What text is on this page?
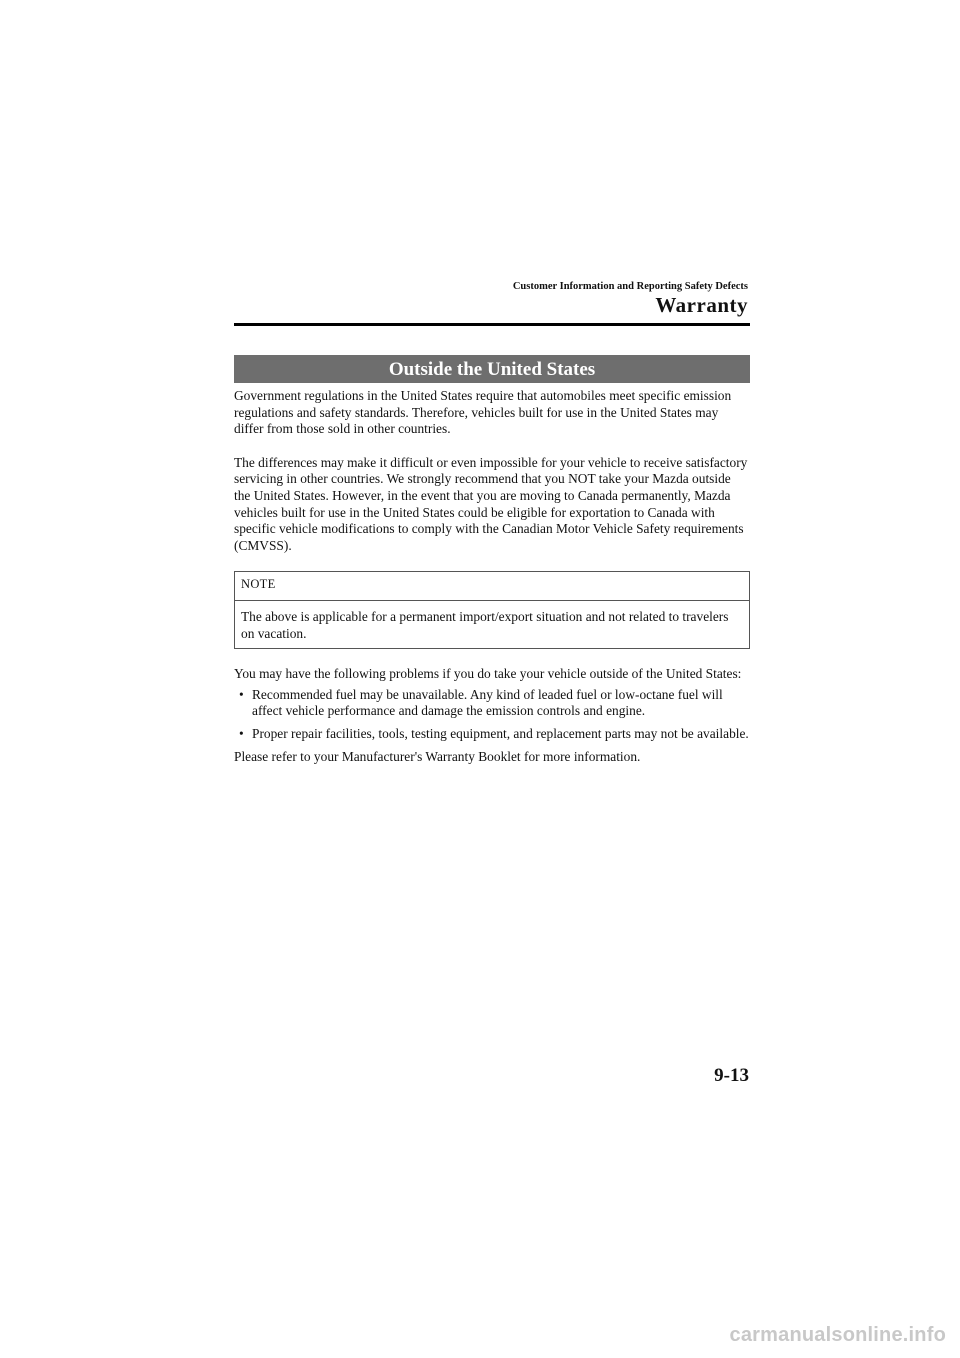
Customer Information and Reporting Safety Defects
Warranty
Outside the United States

Government regulations in the United States require that automobiles meet specific emission regulations and safety standards. Therefore, vehicles built for use in the United States may differ from those sold in other countries.

The differences may make it difficult or even impossible for your vehicle to receive satisfactory servicing in other countries. We strongly recommend that you NOT take your Mazda outside the United States. However, in the event that you are moving to Canada permanently, Mazda vehicles built for use in the United States could be eligible for exportation to Canada with specific vehicle modifications to comply with the Canadian Motor Vehicle Safety requirements (CMVSS).

NOTE
The above is applicable for a permanent import/export situation and not related to travelers on vacation.

You may have the following problems if you do take your vehicle outside of the United States:

• Recommended fuel may be unavailable. Any kind of leaded fuel or low-octane fuel will affect vehicle performance and damage the emission controls and engine.
• Proper repair facilities, tools, testing equipment, and replacement parts may not be available.

Please refer to your Manufacturer's Warranty Booklet for more information.

9-13
carmanualsonline.info
